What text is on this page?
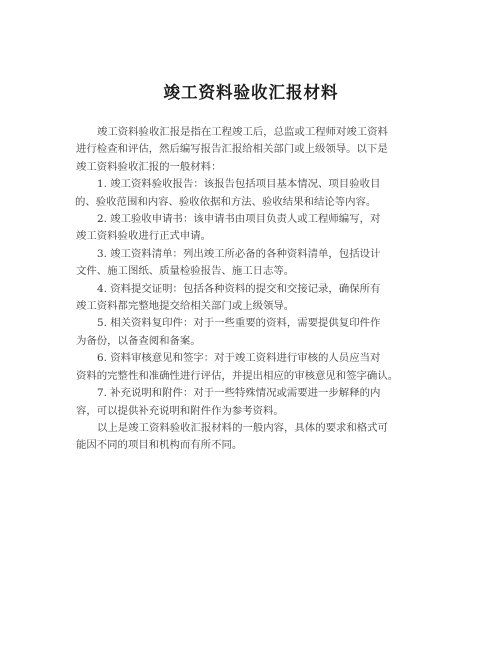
竣工资料验收汇报材料
竣工资料验收汇报是指在工程竣工后，总监或工程师对竣工资料
进行检查和评估，然后编写报告汇报给相关部门或上级领导。以下是
竣工资料验收汇报的一般材料：
1. 竣工资料验收报告：该报告包括项目基本情况、项目验收目
的、验收范围和内容、验收依据和方法、验收结果和结论等内容。
2. 竣工验收申请书：该申请书由项目负责人或工程师编写，对
竣工资料验收进行正式申请。
3. 竣工资料清单：列出竣工所必备的各种资料清单，包括设计
文件、施工图纸、质量检验报告、施工日志等。
4. 资料提交证明：包括各种资料的提交和交接记录，确保所有
竣工资料都完整地提交给相关部门或上级领导。
5. 相关资料复印件：对于一些重要的资料，需要提供复印件作
为备份，以备查阅和备案。
6. 资料审核意见和签字：对于竣工资料进行审核的人员应当对
资料的完整性和准确性进行评估，并提出相应的审核意见和签字确认。
7. 补充说明和附件：对于一些特殊情况或需要进一步解释的内
容，可以提供补充说明和附件作为参考资料。
以上是竣工资料验收汇报材料的一般内容，具体的要求和格式可
能因不同的项目和机构而有所不同。
